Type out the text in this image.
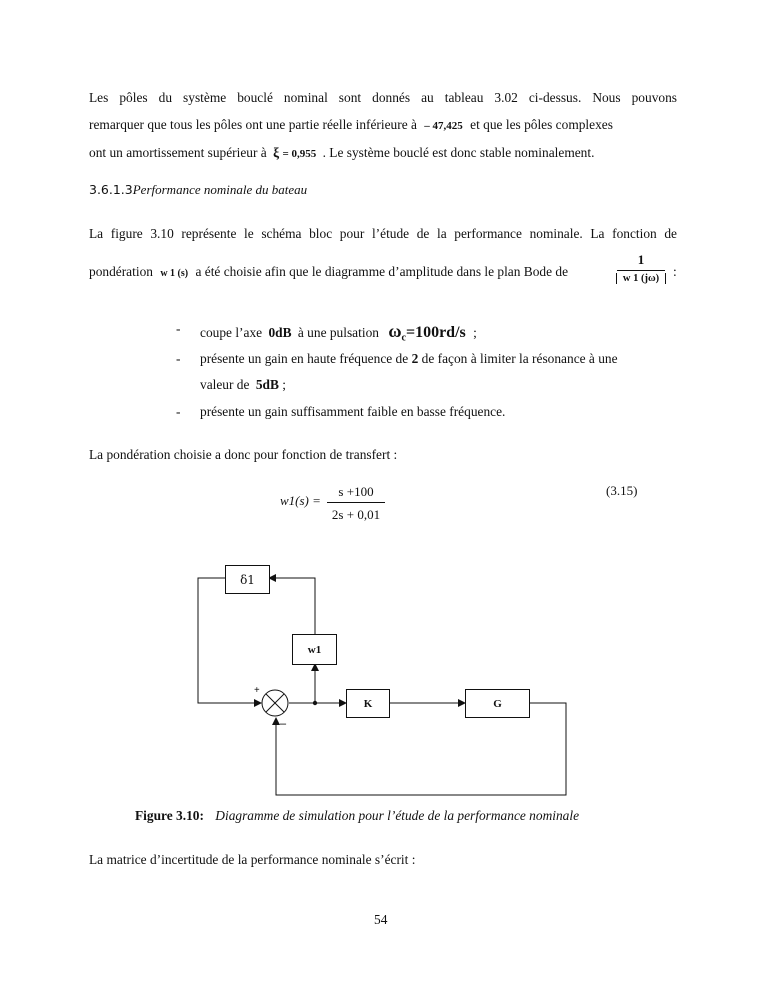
Les pôles du système bouclé nominal sont donnés au tableau 3.02 ci-dessus. Nous pouvons
remarquer que tous les pôles ont une partie réelle inférieure à – 47,425 et que les pôles complexes
ont un amortissement supérieur à ξ = 0,955 . Le système bouclé est donc stable nominalement.
3.6.1.3Performance nominale du bateau
La figure 3.10 représente le schéma bloc pour l’étude de la performance nominale. La fonction de
pondération w 1 (s) a été choisie afin que le diagramme d’amplitude dans le plan Bode de
1
w 1 (jω)	:
- coupe l’axe 0dB à une pulsation $\omega_c=100rd/s$ ;
- présente un gain en haute fréquence de 2 de façon à limiter la résonance à une
valeur de 5dB ;
- présente un gain suffisamment faible en basse fréquence.
La pondération choisie a donc pour fonction de transfert :
w1(s) =
s +100
2s + 0,01
(3.15)
δ1
w1
K	G
+
_
Figure 3.10: Diagramme de simulation pour l’étude de la performance nominale
La matrice d’incertitude de la performance nominale s’écrit :
54
